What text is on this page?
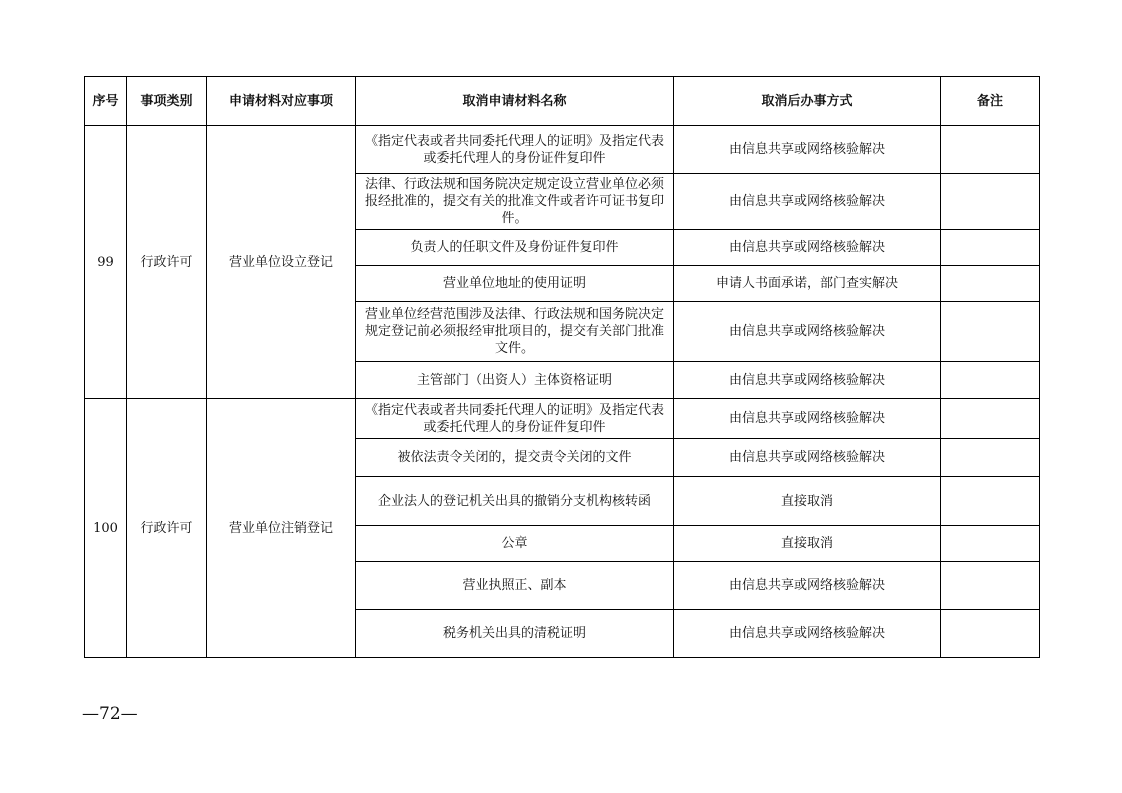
序号	事项类别	申请材料对应事项	取消申请材料名称	取消后办事方式	备注
99	行政许可	营业单位设立登记	《指定代表或者共同委托代理人的证明》及指定代表或委托代理人的身份证件复印件	由信息共享或网络核验解决	
			法律、行政法规和国务院决定规定设立营业单位必须报经批准的，提交有关的批准文件或者许可证书复印件。	由信息共享或网络核验解决	
			负责人的任职文件及身份证件复印件	由信息共享或网络核验解决	
			营业单位地址的使用证明	申请人书面承诺，部门查实解决	
			营业单位经营范围涉及法律、行政法规和国务院决定规定登记前必须报经审批项目的，提交有关部门批准文件。	由信息共享或网络核验解决	
			主管部门（出资人）主体资格证明	由信息共享或网络核验解决	
100	行政许可	营业单位注销登记	《指定代表或者共同委托代理人的证明》及指定代表或委托代理人的身份证件复印件	由信息共享或网络核验解决	
			被依法责令关闭的，提交责令关闭的文件	由信息共享或网络核验解决	
			企业法人的登记机关出具的撤销分支机构核转函	直接取消	
			公章	直接取消	
			营业执照正、副本	由信息共享或网络核验解决	
			税务机关出具的清税证明	由信息共享或网络核验解决	
—72—
